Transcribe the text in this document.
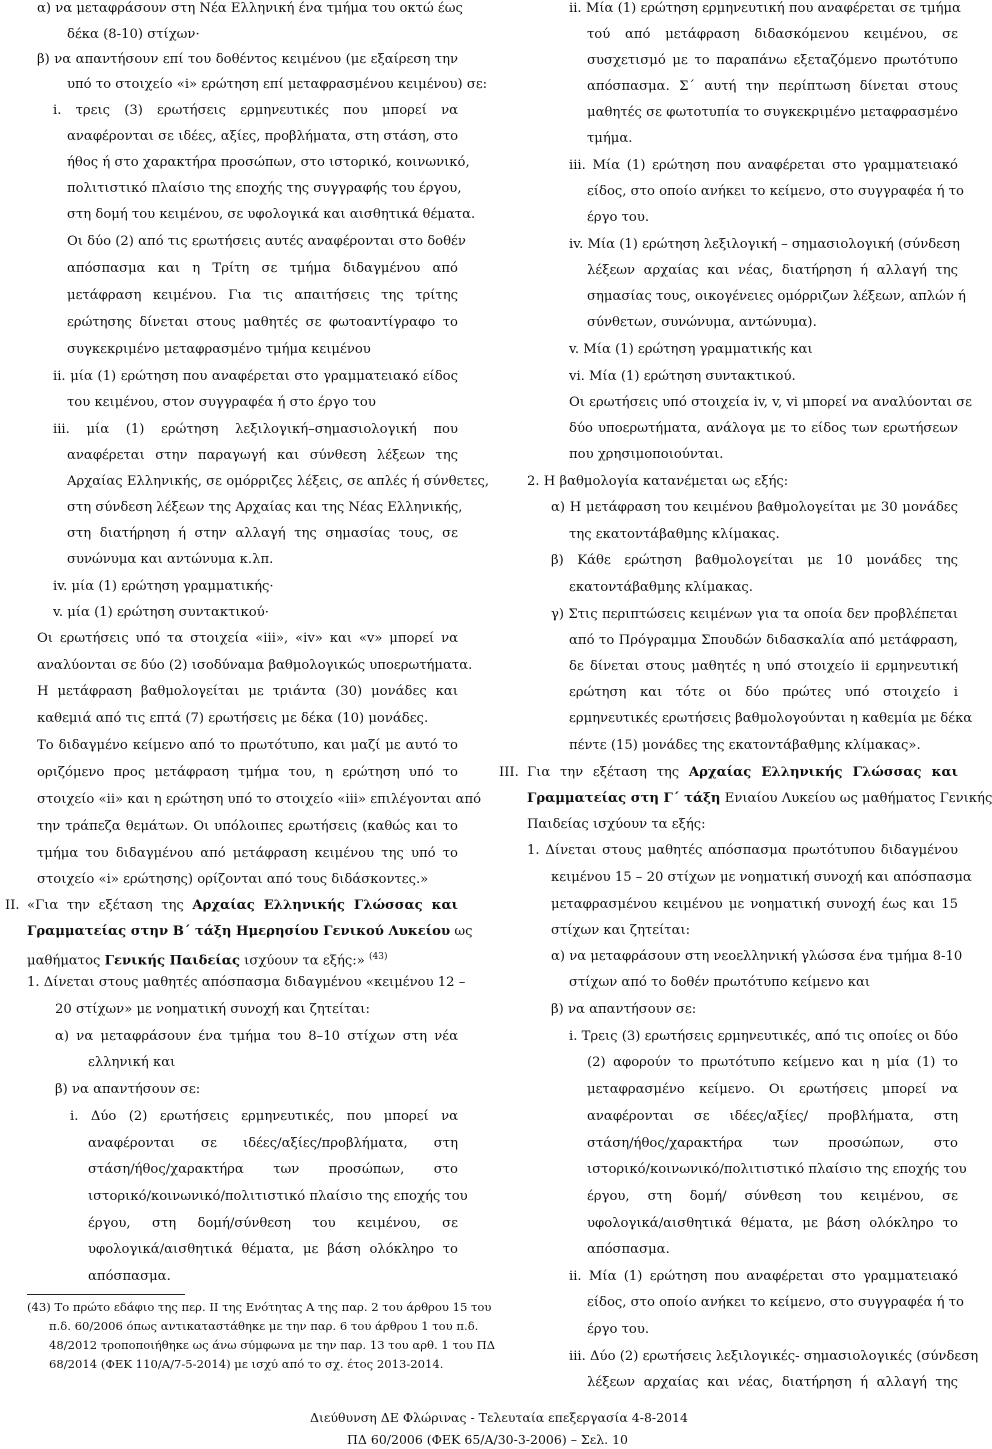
α) να μεταφράσουν στη Νέα Ελληνική ένα τμήμα του οκτώ έως
δέκα (8-10) στίχων·
β) να απαντήσουν επί του δοθέντος κειμένου (με εξαίρεση την
υπό το στοιχείο «i» ερώτηση επί μεταφρασμένου κειμένου) σε:
i. τρεις (3) ερωτήσεις ερμηνευτικές που μπορεί να
αναφέρονται σε ιδέες, αξίες, προβλήματα, στη στάση, στο
ήθος ή στο χαρακτήρα προσώπων, στο ιστορικό, κοινωνικό,
πολιτιστικό πλαίσιο της εποχής της συγγραφής του έργου,
στη δομή του κειμένου, σε υφολογικά και αισθητικά θέματα.
Οι δύο (2) από τις ερωτήσεις αυτές αναφέρονται στο δοθέν
απόσπασμα και η Τρίτη σε τμήμα διδαγμένου από
μετάφραση κειμένου. Για τις απαιτήσεις της τρίτης
ερώτησης δίνεται στους μαθητές σε φωτοαντίγραφο το
συγκεκριμένο μεταφρασμένο τμήμα κειμένου
ii. μία (1) ερώτηση που αναφέρεται στο γραμματειακό είδος
του κειμένου, στον συγγραφέα ή στο έργο του
iii. μία (1) ερώτηση λεξιλογική–σημασιολογική που
αναφέρεται στην παραγωγή και σύνθεση λέξεων της
Αρχαίας Ελληνικής, σε ομόρριζες λέξεις, σε απλές ή σύνθετες,
στη σύνδεση λέξεων της Αρχαίας και της Νέας Ελληνικής,
στη διατήρηση ή στην αλλαγή της σημασίας τους, σε
συνώνυμα και αντώνυμα κ.λπ.
iv. μία (1) ερώτηση γραμματικής·
v. μία (1) ερώτηση συντακτικού·
Οι ερωτήσεις υπό τα στοιχεία «iii», «iv» και «v» μπορεί να
αναλύονται σε δύο (2) ισοδύναμα βαθμολογικώς υποερωτήματα.
Η μετάφραση βαθμολογείται με τριάντα (30) μονάδες και
καθεμιά από τις επτά (7) ερωτήσεις με δέκα (10) μονάδες.
Το διδαγμένο κείμενο από το πρωτότυπο, και μαζί με αυτό το
οριζόμενο προς μετάφραση τμήμα του, η ερώτηση υπό το
στοιχείο «ii» και η ερώτηση υπό το στοιχείο «iii» επιλέγονται από
την τράπεζα θεμάτων. Οι υπόλοιπες ερωτήσεις (καθώς και το
τμήμα του διδαγμένου από μετάφραση κειμένου της υπό το
στοιχείο «i» ερώτησης) ορίζονται από τους διδάσκοντες.»
II. «Για την εξέταση της Αρχαίας Ελληνικής Γλώσσας και
Γραμματείας στην Β΄ τάξη Ημερησίου Γενικού Λυκείου ως
μαθήματος Γενικής Παιδείας ισχύουν τα εξής:» $^{(43)}$
1. Δίνεται στους μαθητές απόσπασμα διδαγμένου «κειμένου 12 –
20 στίχων» με νοηματική συνοχή και ζητείται:
α) να μεταφράσουν ένα τμήμα του 8–10 στίχων στη νέα
ελληνική και
β) να απαντήσουν σε:
i. Δύο (2) ερωτήσεις ερμηνευτικές, που μπορεί να
αναφέρονται σε ιδέες/αξίες/προβλήματα, στη
στάση/ήθος/χαρακτήρα των προσώπων, στο
ιστορικό/κοινωνικό/πολιτιστικό πλαίσιο της εποχής του
έργου, στη δομή/σύνθεση του κειμένου, σε
υφολογικά/αισθητικά θέματα, με βάση ολόκληρο το
απόσπασμα.
(43) Το πρώτο εδάφιο της περ. ΙΙ της Ενότητας Α της παρ. 2 του άρθρου 15 του
π.δ. 60/2006 όπως αντικαταστάθηκε με την παρ. 6 του άρθρου 1 του π.δ.
48/2012 τροποποιήθηκε ως άνω σύμφωνα με την παρ. 13 του αρθ. 1 του ΠΔ
68/2014 (ΦΕΚ 110/Α/7-5-2014) με ισχύ από το σχ. έτος 2013-2014.
ii. Μία (1) ερώτηση ερμηνευτική που αναφέρεται σε τμήμα
τού από μετάφραση διδασκόμενου κειμένου, σε
συσχετισμό με το παραπάνω εξεταζόμενο πρωτότυπο
απόσπασμα. Σ΄ αυτή την περίπτωση δίνεται στους
μαθητές σε φωτοτυπία το συγκεκριμένο μεταφρασμένο
τμήμα.
iii. Μία (1) ερώτηση που αναφέρεται στο γραμματειακό
είδος, στο οποίο ανήκει το κείμενο, στο συγγραφέα ή το
έργο του.
iv. Μία (1) ερώτηση λεξιλογική – σημασιολογική (σύνδεση
λέξεων αρχαίας και νέας, διατήρηση ή αλλαγή της
σημασίας τους, οικογένειες ομόρριζων λέξεων, απλών ή
σύνθετων, συνώνυμα, αντώνυμα).
v. Μία (1) ερώτηση γραμματικής και
vi. Μία (1) ερώτηση συντακτικού.
Οι ερωτήσεις υπό στοιχεία iv, v, vi μπορεί να αναλύονται σε
δύο υποερωτήματα, ανάλογα με το είδος των ερωτήσεων
που χρησιμοποιούνται.
2. Η βαθμολογία κατανέμεται ως εξής:
α) Η μετάφραση του κειμένου βαθμολογείται με 30 μονάδες
της εκατοντάβαθμης κλίμακας.
β) Κάθε ερώτηση βαθμολογείται με 10 μονάδες της
εκατοντάβαθμης κλίμακας.
γ) Στις περιπτώσεις κειμένων για τα οποία δεν προβλέπεται
από το Πρόγραμμα Σπουδών διδασκαλία από μετάφραση,
δε δίνεται στους μαθητές η υπό στοιχείο ii ερμηνευτική
ερώτηση και τότε οι δύο πρώτες υπό στοιχείο i
ερμηνευτικές ερωτήσεις βαθμολογούνται η καθεμία με δέκα
πέντε (15) μονάδες της εκατοντάβαθμης κλίμακας».
III. Για την εξέταση της Αρχαίας Ελληνικής Γλώσσας και
Γραμματείας στη Γ΄ τάξη Ενιαίου Λυκείου ως μαθήματος Γενικής
Παιδείας ισχύουν τα εξής:
1. Δίνεται στους μαθητές απόσπασμα πρωτότυπου διδαγμένου
κειμένου 15 – 20 στίχων με νοηματική συνοχή και απόσπασμα
μεταφρασμένου κειμένου με νοηματική συνοχή έως και 15
στίχων και ζητείται:
α) να μεταφράσουν στη νεοελληνική γλώσσα ένα τμήμα 8-10
στίχων από το δοθέν πρωτότυπο κείμενο και
β) να απαντήσουν σε:
i. Τρεις (3) ερωτήσεις ερμηνευτικές, από τις οποίες οι δύο
(2) αφορούν το πρωτότυπο κείμενο και η μία (1) το
μεταφρασμένο κείμενο. Οι ερωτήσεις μπορεί να
αναφέρονται σε ιδέες/αξίες/ προβλήματα, στη
στάση/ήθος/χαρακτήρα των προσώπων, στο
ιστορικό/κοινωνικό/πολιτιστικό πλαίσιο της εποχής του
έργου, στη δομή/ σύνθεση του κειμένου, σε
υφολογικά/αισθητικά θέματα, με βάση ολόκληρο το
απόσπασμα.
ii. Μία (1) ερώτηση που αναφέρεται στο γραμματειακό
είδος, στο οποίο ανήκει το κείμενο, στο συγγραφέα ή το
έργο του.
iii. Δύο (2) ερωτήσεις λεξιλογικές- σημασιολογικές (σύνδεση
λέξεων αρχαίας και νέας, διατήρηση ή αλλαγή της
Διεύθυνση ΔΕ Φλώρινας - Τελευταία επεξεργασία 4-8-2014
ΠΔ 60/2006 (ΦΕΚ 65/Α/30-3-2006) – Σελ. 10
